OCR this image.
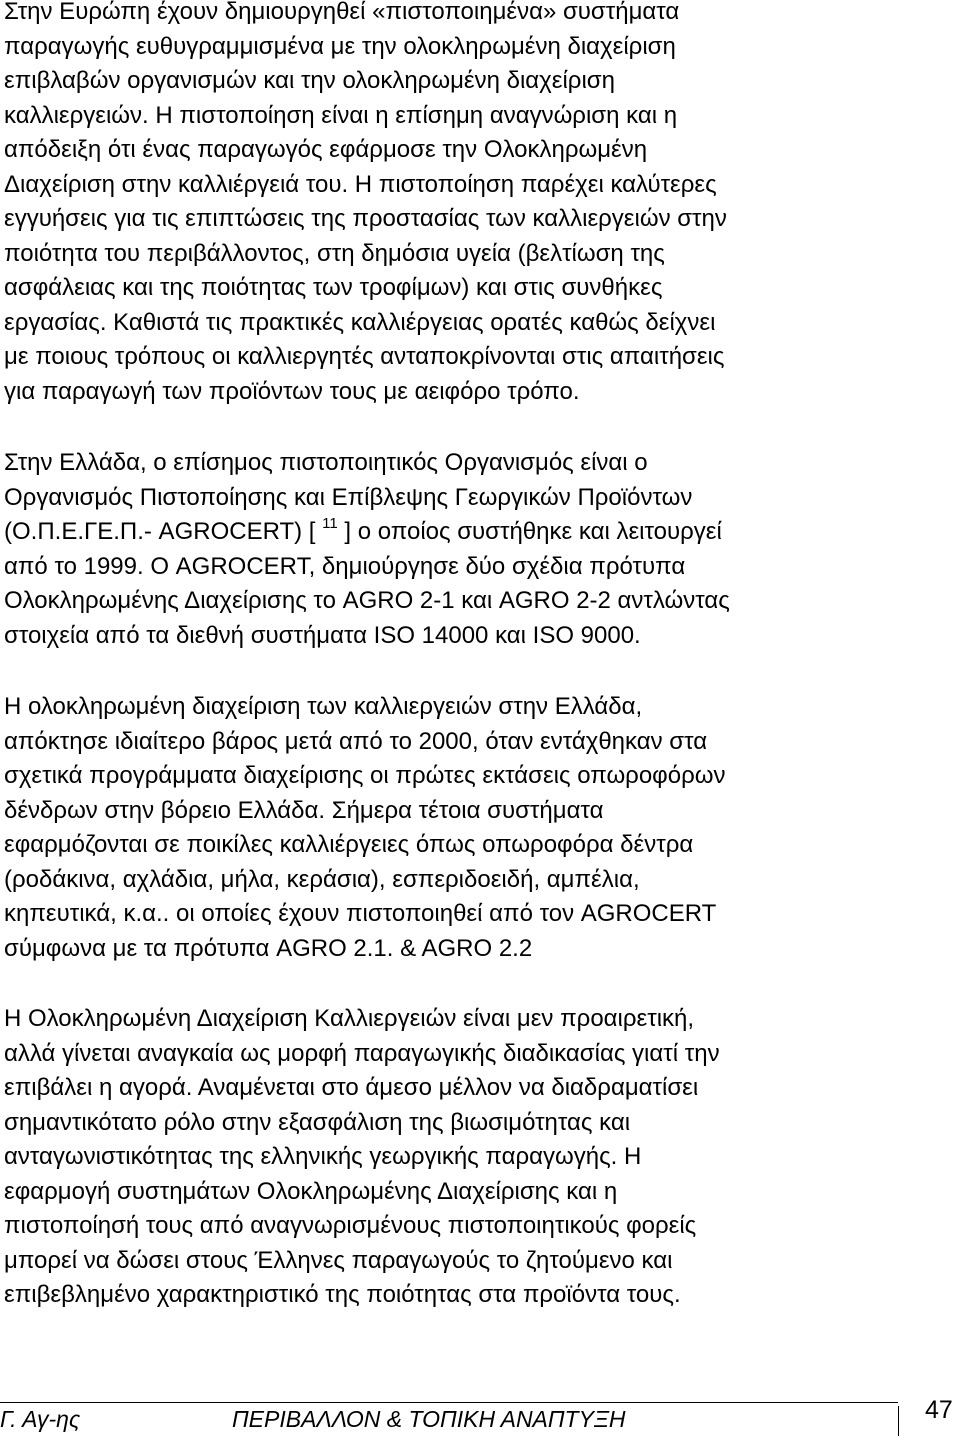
Στην Ευρώπη έχουν δημιουργηθεί «πιστοποιημένα» συστήματα
παραγωγής ευθυγραμμισμένα με την ολοκληρωμένη διαχείριση
επιβλαβών οργανισμών και την ολοκληρωμένη διαχείριση
καλλιεργειών. Η πιστοποίηση είναι η επίσημη αναγνώριση και η
απόδειξη ότι ένας παραγωγός εφάρμοσε την Ολοκληρωμένη
Διαχείριση στην καλλιέργειά του. Η πιστοποίηση παρέχει καλύτερες
εγγυήσεις για τις επιπτώσεις της προστασίας των καλλιεργειών στην
ποιότητα του περιβάλλοντος, στη δημόσια υγεία (βελτίωση της
ασφάλειας και της ποιότητας των τροφίμων) και στις συνθήκες
εργασίας. Καθιστά τις πρακτικές καλλιέργειας ορατές καθώς δείχνει
με ποιους τρόπους οι καλλιεργητές ανταποκρίνονται στις απαιτήσεις
για παραγωγή των προϊόντων τους με αειφόρο τρόπο.
Στην Ελλάδα, ο επίσημος πιστοποιητικός Οργανισμός είναι ο
Οργανισμός Πιστοποίησης και Επίβλεψης Γεωργικών Προϊόντων
(Ο.Π.Ε.ΓΕ.Π.- AGROCERT) [ $^{11}$ ] ο οποίος συστήθηκε και λειτουργεί
από το 1999. Ο AGROCERT, δημιούργησε δύο σχέδια πρότυπα
Ολοκληρωμένης Διαχείρισης το AGRO 2-1 και AGRO 2-2 αντλώντας
στοιχεία από τα διεθνή συστήματα ISO 14000 και ISO 9000.
Η ολοκληρωμένη διαχείριση των καλλιεργειών στην Ελλάδα,
απόκτησε ιδιαίτερο βάρος μετά από το 2000, όταν εντάχθηκαν στα
σχετικά προγράμματα διαχείρισης οι πρώτες εκτάσεις οπωροφόρων
δένδρων στην βόρειο Ελλάδα. Σήμερα τέτοια συστήματα
εφαρμόζονται σε ποικίλες καλλιέργειες όπως οπωροφόρα δέντρα
(ροδάκινα, αχλάδια, μήλα, κεράσια), εσπεριδοειδή, αμπέλια,
κηπευτικά, κ.α.. οι οποίες έχουν πιστοποιηθεί από τον AGROCERT
σύμφωνα με τα πρότυπα AGRO 2.1. & AGRO 2.2
Η Ολοκληρωμένη Διαχείριση Καλλιεργειών είναι μεν προαιρετική,
αλλά γίνεται αναγκαία ως μορφή παραγωγικής διαδικασίας γιατί την
επιβάλει η αγορά. Αναμένεται στο άμεσο μέλλον να διαδραματίσει
σημαντικότατο ρόλο στην εξασφάλιση της βιωσιμότητας και
ανταγωνιστικότητας της ελληνικής γεωργικής παραγωγής. Η
εφαρμογή συστημάτων Ολοκληρωμένης Διαχείρισης και η
πιστοποίησή τους από αναγνωρισμένους πιστοποιητικούς φορείς
μπορεί να δώσει στους Έλληνες παραγωγούς το ζητούμενο και
επιβεβλημένο χαρακτηριστικό της ποιότητας στα προϊόντα τους.
Γ. Αγ-ης	ΠΕΡΙΒΑΛΛΟΝ & ΤΟΠΙΚΗ ΑΝΑΠΤΥΞΗ	47
